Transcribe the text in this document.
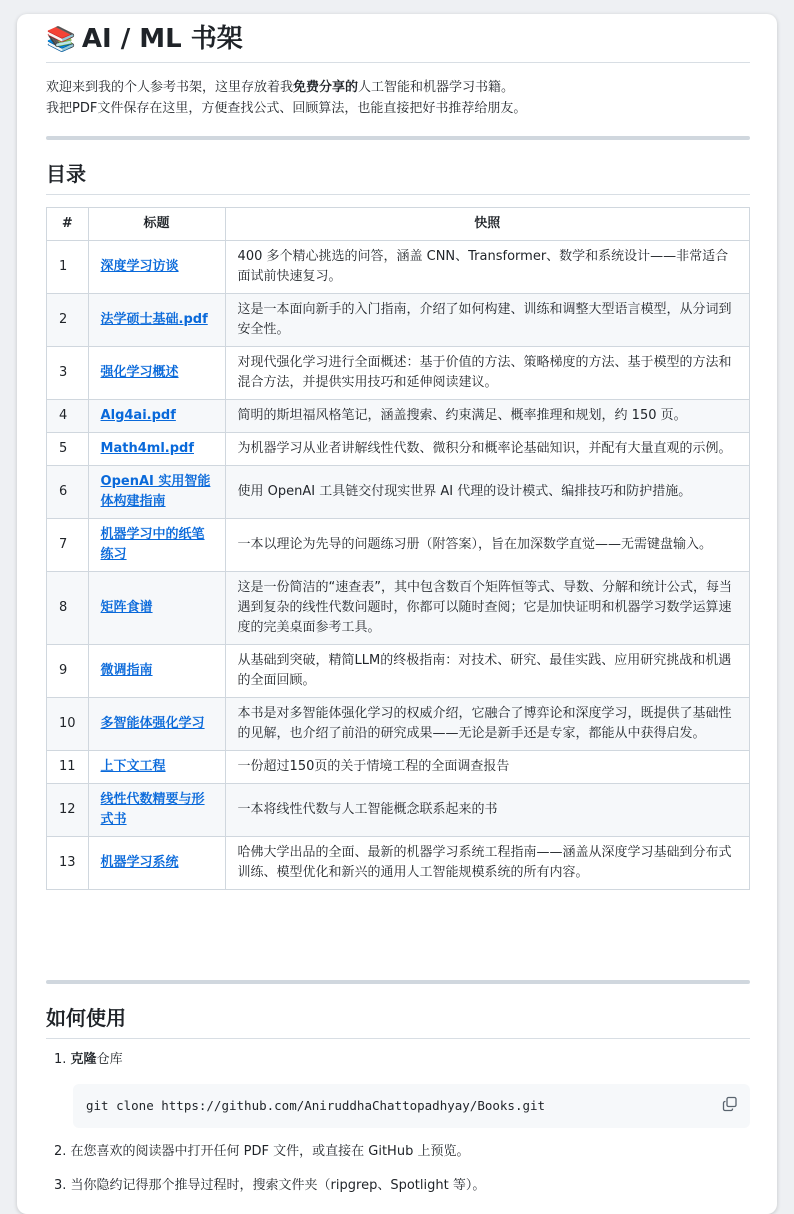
📚 AI / ML 书架
欢迎来到我的个人参考书架，这里存放着我免费分享的人工智能和机器学习书籍。
我把PDF文件保存在这里，方便查找公式、回顾算法，也能直接把好书推荐给朋友。
目录
#	标题	快照
1	深度学习访谈	400 多个精心挑选的问答，涵盖 CNN、Transformer、数学和系统设计——非常适合面试前快速复习。
2	法学硕士基础.pdf	这是一本面向新手的入门指南，介绍了如何构建、训练和调整大型语言模型，从分词到安全性。
3	强化学习概述	对现代强化学习进行全面概述：基于价值的方法、策略梯度的方法、基于模型的方法和混合方法，并提供实用技巧和延伸阅读建议。
4	Alg4ai.pdf	简明的斯坦福风格笔记，涵盖搜索、约束满足、概率推理和规划，约 150 页。
5	Math4ml.pdf	为机器学习从业者讲解线性代数、微积分和概率论基础知识，并配有大量直观的示例。
6	OpenAI 实用智能体构建指南	使用 OpenAI 工具链交付现实世界 AI 代理的设计模式、编排技巧和防护措施。
7	机器学习中的纸笔练习	一本以理论为先导的问题练习册（附答案），旨在加深数学直觉——无需键盘输入。
8	矩阵食谱	这是一份简洁的“速查表”，其中包含数百个矩阵恒等式、导数、分解和统计公式，每当遇到复杂的线性代数问题时，你都可以随时查阅；它是加快证明和机器学习数学运算速度的完美桌面参考工具。
9	微调指南	从基础到突破，精简LLM的终极指南：对技术、研究、最佳实践、应用研究挑战和机遇的全面回顾。
10	多智能体强化学习	本书是对多智能体强化学习的权威介绍，它融合了博弈论和深度学习，既提供了基础性的见解，也介绍了前沿的研究成果——无论是新手还是专家，都能从中获得启发。
11	上下文工程	一份超过150页的关于情境工程的全面调查报告
12	线性代数精要与形式书	一本将线性代数与人工智能概念联系起来的书
13	机器学习系统	哈佛大学出品的全面、最新的机器学习系统工程指南——涵盖从深度学习基础到分布式训练、模型优化和新兴的通用人工智能规模系统的所有内容。
如何使用
1. 克隆仓库
git clone https://github.com/AniruddhaChattopadhyay/Books.git
2. 在您喜欢的阅读器中打开任何 PDF 文件，或直接在 GitHub 上预览。
3. 当你隐约记得那个推导过程时，搜索文件夹（ripgrep、Spotlight 等）。
